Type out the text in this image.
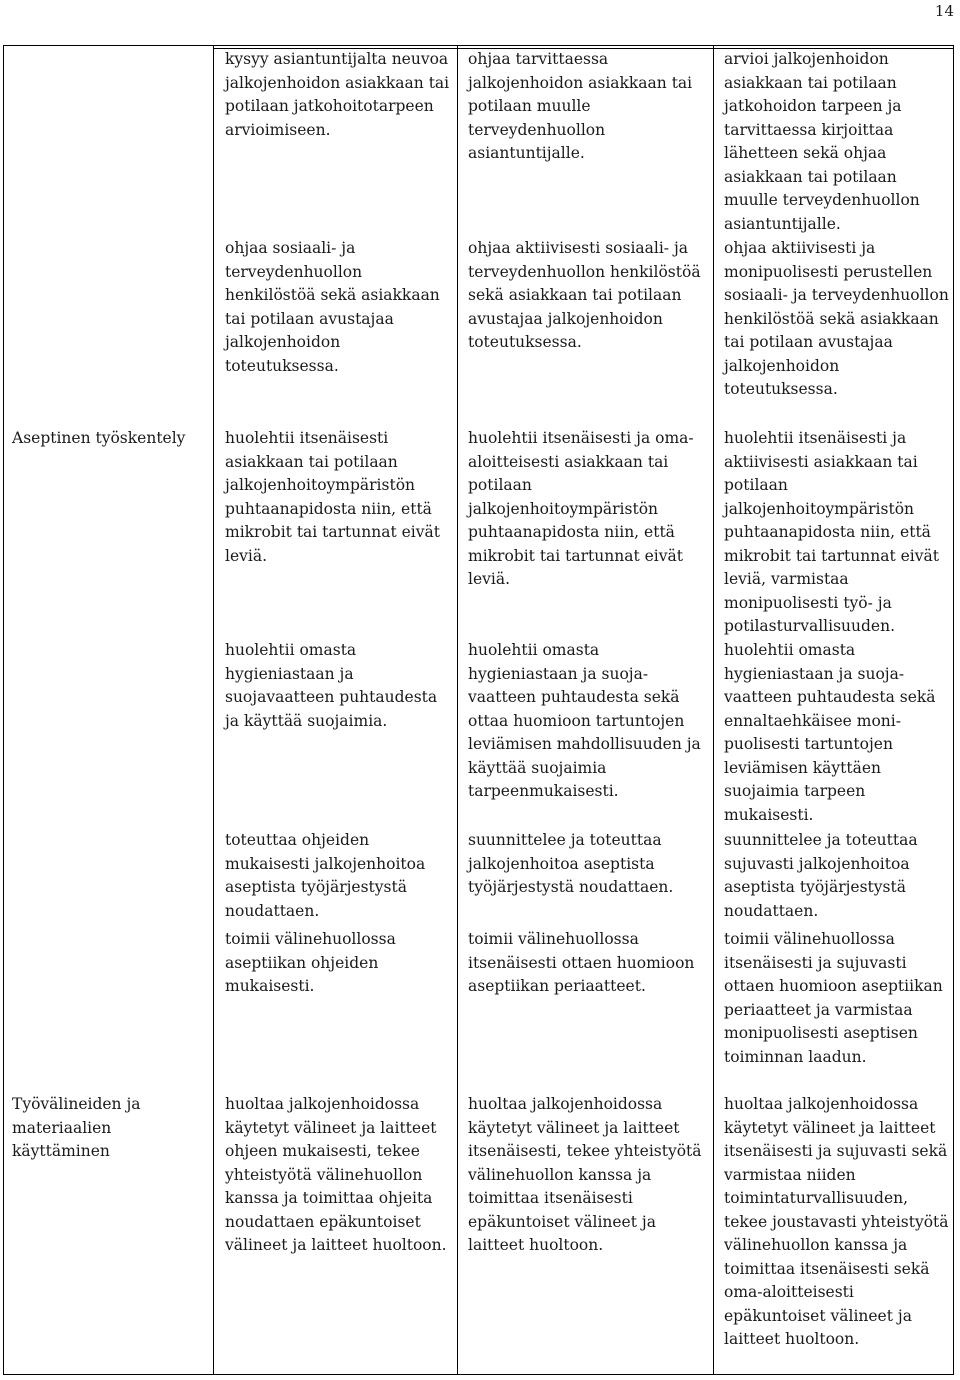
14
Aseptinen työskentely
Työvälineiden ja materiaalien käyttäminen

kysyy asiantuntijalta neuvoa jalkojenhoidon asiakkaan tai potilaan jatkohoitotarpeen arvioimiseen.

ohjaa sosiaali- ja terveydenhuollon henkilöstöä sekä asiakkaan tai potilaan avustajaa jalkojenhoidon toteutuksessa.

huolehtii itsenäisesti asiakkaan tai potilaan jalkojenhoitoympäristön puhtaanapidosta niin, että mikrobit tai tartunnat eivät leviä.

huolehtii omasta hygieniastaan ja suojavaatteen puhtaudesta ja käyttää suojaimia.

toteuttaa ohjeiden mukaisesti jalkojenhoitoa aseptista työjärjestystä noudattaen.

toimii välinehuollossa aseptiikan ohjeiden mukaisesti.

huoltaa jalkojenhoidossa käytetyt välineet ja laitteet ohjeen mukaisesti, tekee yhteistyötä välinehuollon kanssa ja toimittaa ohjeita noudattaen epäkuntoiset välineet ja laitteet huoltoon.

ohjaa tarvittaessa jalkojenhoidon asiakkaan tai potilaan muulle terveydenhuollon asiantuntijalle.

ohjaa aktiivisesti sosiaali- ja terveydenhuollon henkilöstöä sekä asiakkaan tai potilaan avustajaa jalkojenhoidon toteutuksessa.

huolehtii itsenäisesti ja oma-aloitteisesti asiakkaan tai potilaan jalkojenhoitoympäristön puhtaanapidosta niin, että mikrobit tai tartunnat eivät leviä.

huolehtii omasta hygieniastaan ja suoja-vaatteen puhtaudesta sekä ottaa huomioon tartuntojen leviämisen mahdollisuuden ja käyttää suojaimia tarpeenmukaisesti.

suunnittelee ja toteuttaa jalkojenhoitoa aseptista työjärjestystä noudattaen.

toimii välinehuollossa itsenäisesti ottaen huomioon aseptiikan periaatteet.

huoltaa jalkojenhoidossa käytetyt välineet ja laitteet itsenäisesti, tekee yhteistyötä välinehuollon kanssa ja toimittaa itsenäisesti epäkuntoiset välineet ja laitteet huoltoon.

arvioi jalkojenhoidon asiakkaan tai potilaan jatkohoidon tarpeen ja tarvittaessa kirjoittaa lähetteen sekä ohjaa asiakkaan tai potilaan muulle terveydenhuollon asiantuntijalle.

ohjaa aktiivisesti ja monipuolisesti perustellen sosiaali- ja terveydenhuollon henkilöstöä sekä asiakkaan tai potilaan avustajaa jalkojenhoidon toteutuksessa.

huolehtii itsenäisesti ja aktiivisesti asiakkaan tai potilaan jalkojenhoitoympäristön puhtaanapidosta niin, että mikrobit tai tartunnat eivät leviä, varmistaa monipuolisesti työ- ja potilasturvallisuuden.

huolehtii omasta hygieniastaan ja suoja-vaatteen puhtaudesta sekä ennaltaehkäisee moni-puolisesti tartuntojen leviämisen käyttäen suojaimia tarpeen mukaisesti.

suunnittelee ja toteuttaa sujuvasti jalkojenhoitoa aseptista työjärjestystä noudattaen.

toimii välinehuollossa itsenäisesti ja sujuvasti ottaen huomioon aseptiikan periaatteet ja varmistaa monipuolisesti aseptisen toiminnan laadun.

huoltaa jalkojenhoidossa käytetyt välineet ja laitteet itsenäisesti ja sujuvasti sekä varmistaa niiden toimintaturvallisuuden, tekee joustavasti yhteistyötä välinehuollon kanssa ja toimittaa itsenäisesti sekä oma-aloitteisesti epäkuntoiset välineet ja laitteet huoltoon.
